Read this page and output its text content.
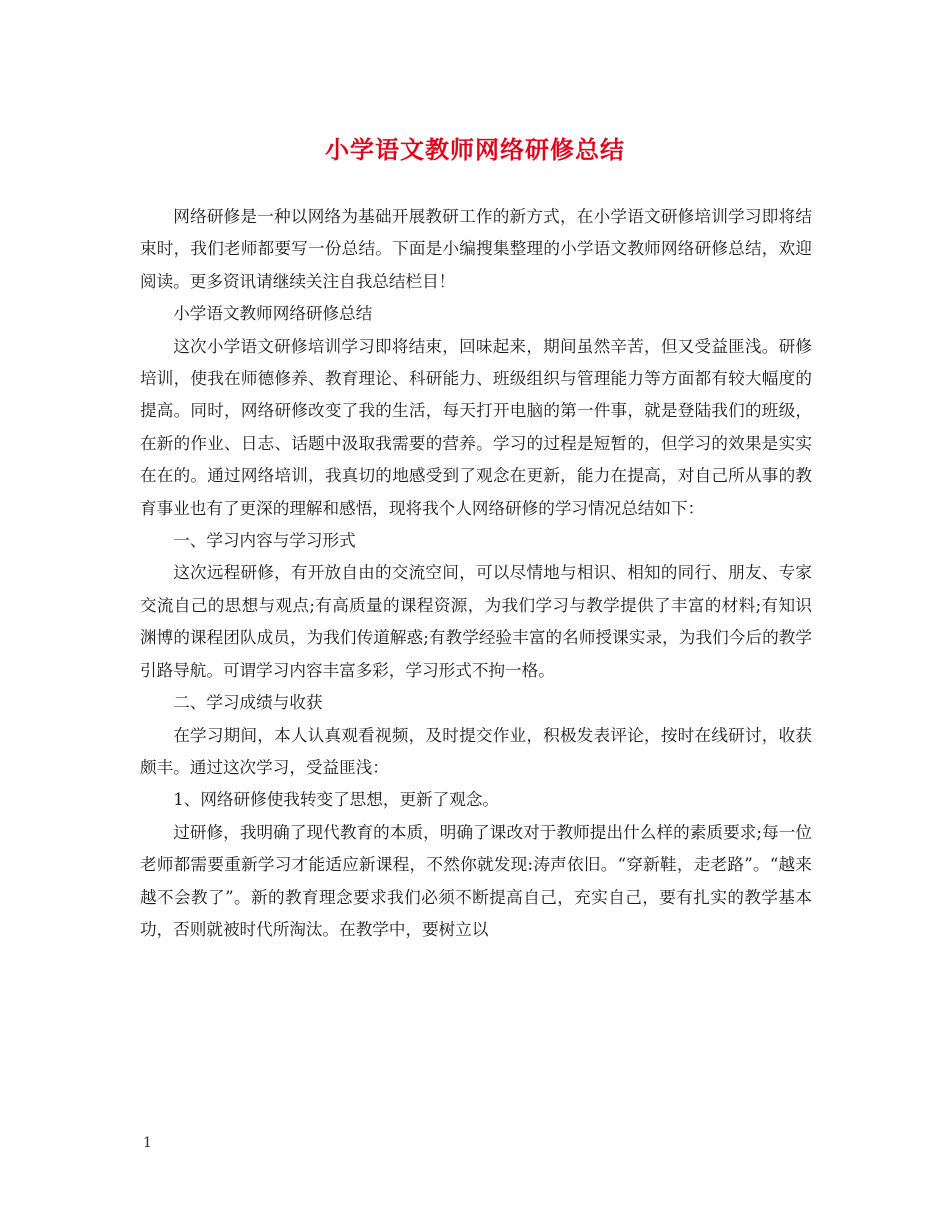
小学语文教师网络研修总结

网络研修是一种以网络为基础开展教研工作的新方式，在小学语文研修培训学习即将结束时，我们老师都要写一份总结。下面是小编搜集整理的小学语文教师网络研修总结，欢迎阅读。更多资讯请继续关注自我总结栏目！

小学语文教师网络研修总结

这次小学语文研修培训学习即将结束，回味起来，期间虽然辛苦，但又受益匪浅。研修培训，使我在师德修养、教育理论、科研能力、班级组织与管理能力等方面都有较大幅度的提高。同时，网络研修改变了我的生活，每天打开电脑的第一件事，就是登陆我们的班级，在新的作业、日志、话题中汲取我需要的营养。学习的过程是短暂的，但学习的效果是实实在在的。通过网络培训，我真切的地感受到了观念在更新，能力在提高，对自己所从事的教育事业也有了更深的理解和感悟，现将我个人网络研修的学习情况总结如下：

一、学习内容与学习形式

这次远程研修，有开放自由的交流空间，可以尽情地与相识、相知的同行、朋友、专家交流自己的思想与观点;有高质量的课程资源，为我们学习与教学提供了丰富的材料;有知识渊博的课程团队成员，为我们传道解惑;有教学经验丰富的名师授课实录，为我们今后的教学引路导航。可谓学习内容丰富多彩，学习形式不拘一格。

二、学习成绩与收获

在学习期间，本人认真观看视频，及时提交作业，积极发表评论，按时在线研讨，收获颇丰。通过这次学习，受益匪浅：

1、网络研修使我转变了思想，更新了观念。

过研修，我明确了现代教育的本质，明确了课改对于教师提出什么样的素质要求;每一位老师都需要重新学习才能适应新课程，不然你就发现:涛声依旧。“穿新鞋，走老路”。“越来越不会教了”。新的教育理念要求我们必须不断提高自己，充实自己，要有扎实的教学基本功，否则就被时代所淘汰。在教学中，要树立以

1
